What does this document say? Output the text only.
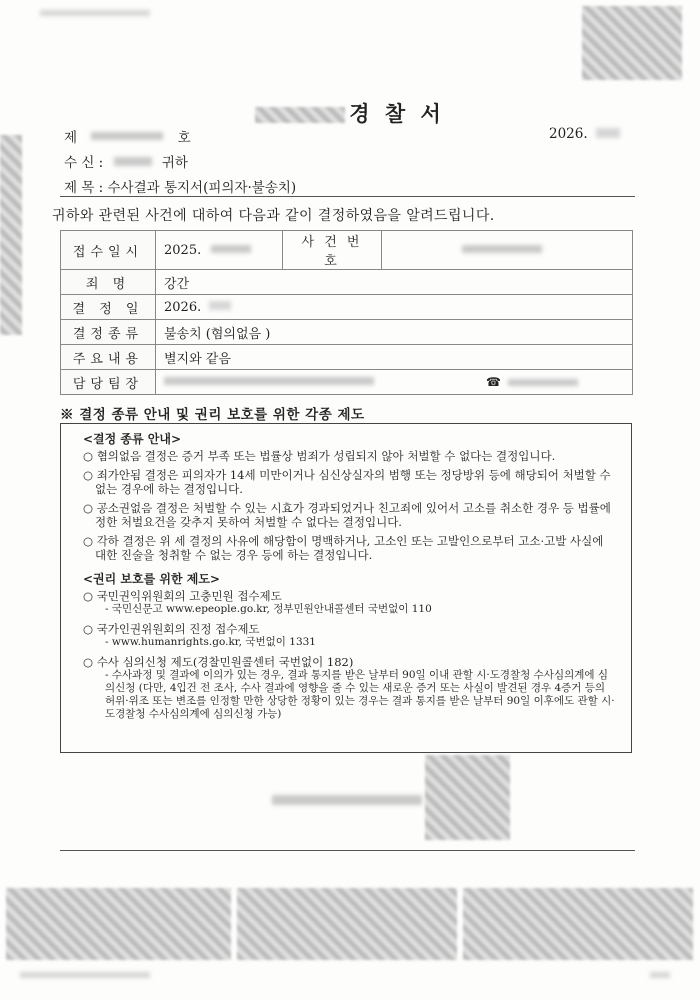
경 찰 서
제	호	2026.
수 신 :	귀하
제 목 : 수사결과 통지서(피의자·불송치)
귀하와 관련된 사건에 대하여 다음과 같이 결정하였음을 알려드립니다.
접수일시	2025.	사 건 번 호	
죄 명	강간		
결 정 일	2026.		
결정종류	불송치 (혐의없음 )		
주요내용	별지와 같음		
담당팀장	☎		
※ 결정 종류 안내 및 권리 보호를 위한 각종 제도
<결정 종류 안내>
○ 혐의없음 결정은 증거 부족 또는 법률상 범죄가 성립되지 않아 처벌할 수 없다는 결정입니다.
○ 죄가안됨 결정은 피의자가 14세 미만이거나 심신상실자의 범행 또는 정당방위 등에 해당되어 처벌할 수 없는 경우에 하는 결정입니다.
○ 공소권없음 결정은 처벌할 수 있는 시효가 경과되었거나 친고죄에 있어서 고소를 취소한 경우 등 법률에 정한 처벌요건을 갖추지 못하여 처벌할 수 없다는 결정입니다.
○ 각하 결정은 위 세 결정의 사유에 해당함이 명백하거나, 고소인 또는 고발인으로부터 고소·고발 사실에 대한 진술을 청취할 수 없는 경우 등에 하는 결정입니다.
<권리 보호를 위한 제도>
○ 국민권익위원회의 고충민원 접수제도
- 국민신문고 www.epeople.go.kr, 정부민원안내콜센터 국번없이 110
○ 국가인권위원회의 진정 접수제도
- www.humanrights.go.kr, 국번없이 1331
○ 수사 심의신청 제도(경찰민원콜센터 국번없이 182)
- 수사과정 및 결과에 이의가 있는 경우, 결과 통지를 받은 날부터 90일 이내 관할 시·도경찰청 수사심의계에 심의신청 (다만, 4입건 전 조사, 수사 결과에 영향을 줄 수 있는 새로운 증거 또는 사실이 발견된 경우 4증거 등의 허위·위조 또는 변조를 인정할 만한 상당한 정황이 있는 경우는 결과 통지를 받은 날부터 90일 이후에도 관할 시·도경찰청 수사심의계에 심의신청 가능)
